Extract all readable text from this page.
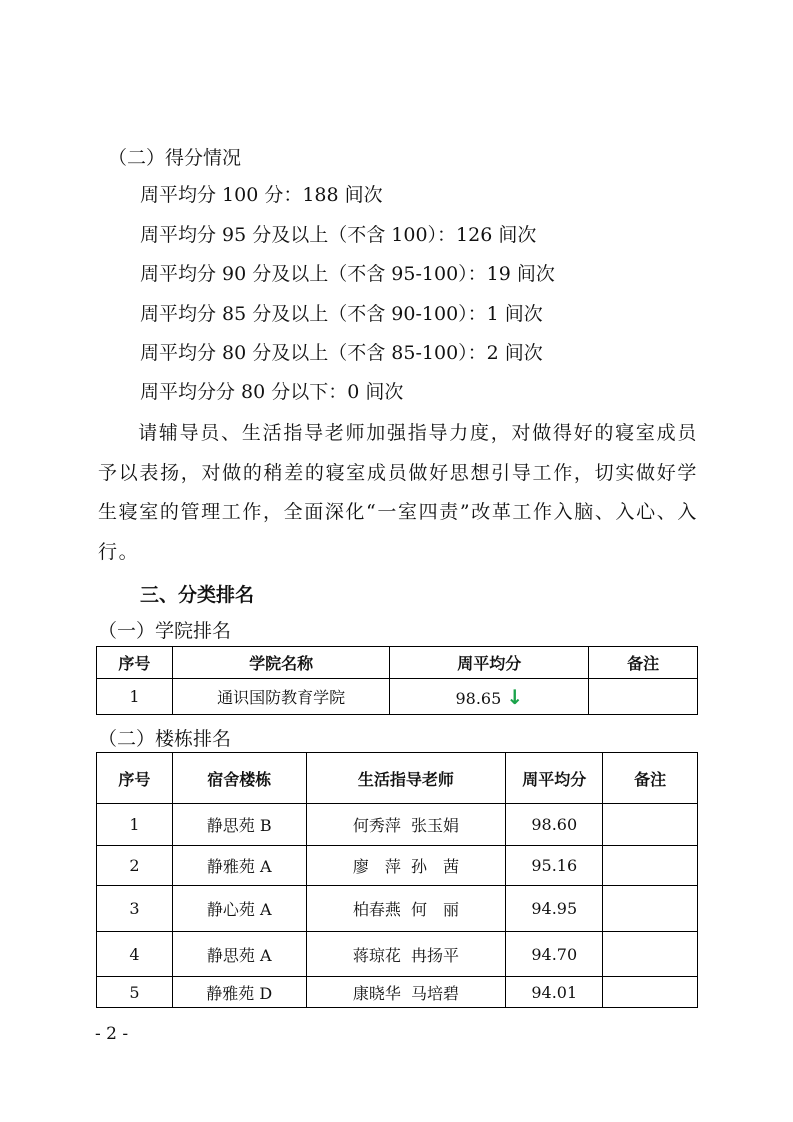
（二）得分情况
周平均分 100 分：188 间次
周平均分 95 分及以上（不含 100）：126 间次
周平均分 90 分及以上（不含 95-100）：19 间次
周平均分 85 分及以上（不含 90-100）：1 间次
周平均分 80 分及以上（不含 85-100）：2 间次
周平均分分 80 分以下：0 间次
请辅导员、生活指导老师加强指导力度，对做得好的寝室成员予以表扬，对做的稍差的寝室成员做好思想引导工作，切实做好学生寝室的管理工作，全面深化“一室四责”改革工作入脑、入心、入行。
三、分类排名
（一）学院排名
序号	学院名称	周平均分	备注
1	通识国防教育学院	98.65 ↓	
（二）楼栋排名
序号	宿舍楼栋	生活指导老师	周平均分	备注
1	静思苑 B	何秀萍  张玉娟	98.60	
2	静雅苑 A	廖　萍  孙　茜	95.16	
3	静心苑 A	柏春燕  何　丽	94.95	
4	静思苑 A	蒋琼花  冉扬平	94.70	
5	静雅苑 D	康晓华  马培碧	94.01	
- 2 -
